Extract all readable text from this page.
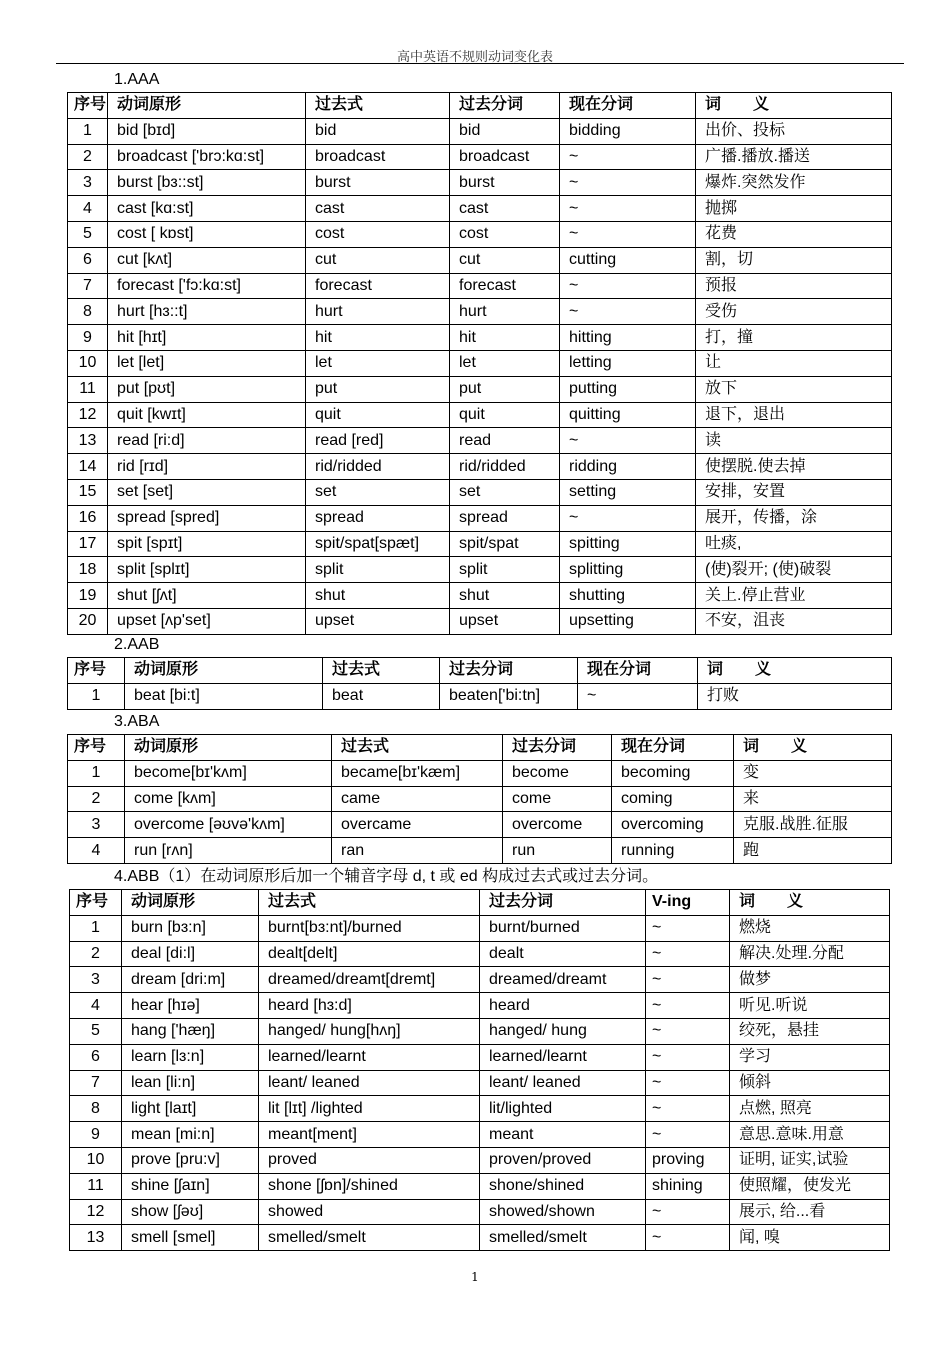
高中英语不规则动词变化表
1.AAA
序号	动词原形	过去式	过去分词	现在分词	词　　义
1	bid [bɪd]	bid	bid	bidding	出价、投标
2	broadcast ['brɔ:kɑ:st]	broadcast	broadcast	~	广播.播放.播送
3	burst [bɜ::st]	burst	burst	~	爆炸.突然发作
4	cast [kɑ:st]	cast	cast	~	抛掷
5	cost [ kɒst]	cost	cost	~	花费
6	cut [kʌt]	cut	cut	cutting	割，切
7	forecast ['fɔ:kɑ:st]	forecast	forecast	~	预报
8	hurt [hɜ::t]	hurt	hurt	~	受伤
9	hit [hɪt]	hit	hit	hitting	打，撞
10	let [let]	let	let	letting	让
11	put [pʊt]	put	put	putting	放下
12	quit [kwɪt]	quit	quit	quitting	退下，退出
13	read [ri:d]	read [red]	read	~	读
14	rid [rɪd]	rid/ridded	rid/ridded	ridding	使摆脱.使去掉
15	set [set]	set	set	setting	安排，安置
16	spread [spred]	spread	spread	~	展开，传播，涂
17	spit [spɪt]	spit/spat[spæt]	spit/spat	spitting	吐痰,
18	split [splɪt]	split	split	splitting	(使)裂开; (使)破裂
19	shut [ʃʌt]	shut	shut	shutting	关上.停止营业
20	upset [ʌp'set]	upset	upset	upsetting	不安，沮丧
2.AAB
序号	动词原形	过去式	过去分词	现在分词	词　　义
1	beat [bi:t]	beat	beaten['bi:tn]	~	打败
3.ABA
序号	动词原形	过去式	过去分词	现在分词	词　　义
1	become[bɪ'kʌm]	became[bɪ'kæm]	become	becoming	变
2	come [kʌm]	came	come	coming	来
3	overcome [əʊvə'kʌm]	overcame	overcome	overcoming	克服.战胜.征服
4	run [rʌn]	ran	run	running	跑
4.ABB（1）在动词原形后加一个辅音字母 d, t 或 ed 构成过去式或过去分词。
序号	动词原形	过去式	过去分词	V-ing	词　　义
1	burn [bɜ:n]	burnt[bɜ:nt]/burned	burnt/burned	~	燃烧
2	deal [di:l]	dealt[delt]	dealt	~	解决.处理.分配
3	dream [dri:m]	dreamed/dreamt[dremt]	dreamed/dreamt	~	做梦
4	hear [hɪə]	heard [hɜ:d]	heard	~	听见.听说
5	hang ['hæŋ]	hanged/ hung[hʌŋ]	hanged/ hung	~	绞死，悬挂
6	learn [lɜ:n]	learned/learnt	learned/learnt	~	学习
7	lean [li:n]	leant/ leaned	leant/ leaned	~	倾斜
8	light [laɪt]	lit [lɪt] /lighted	lit/lighted	~	点燃, 照亮
9	mean [mi:n]	meant[ment]	meant	~	意思.意味.用意
10	prove [pru:v]	proved	proven/proved	proving	证明, 证实,试验
11	shine [ʃaɪn]	shone [ʃɒn]/shined	shone/shined	shining	使照耀，使发光
12	show [ʃəʊ]	showed	showed/shown	~	展示, 给...看
13	smell [smel]	smelled/smelt	smelled/smelt	~	闻, 嗅
1
